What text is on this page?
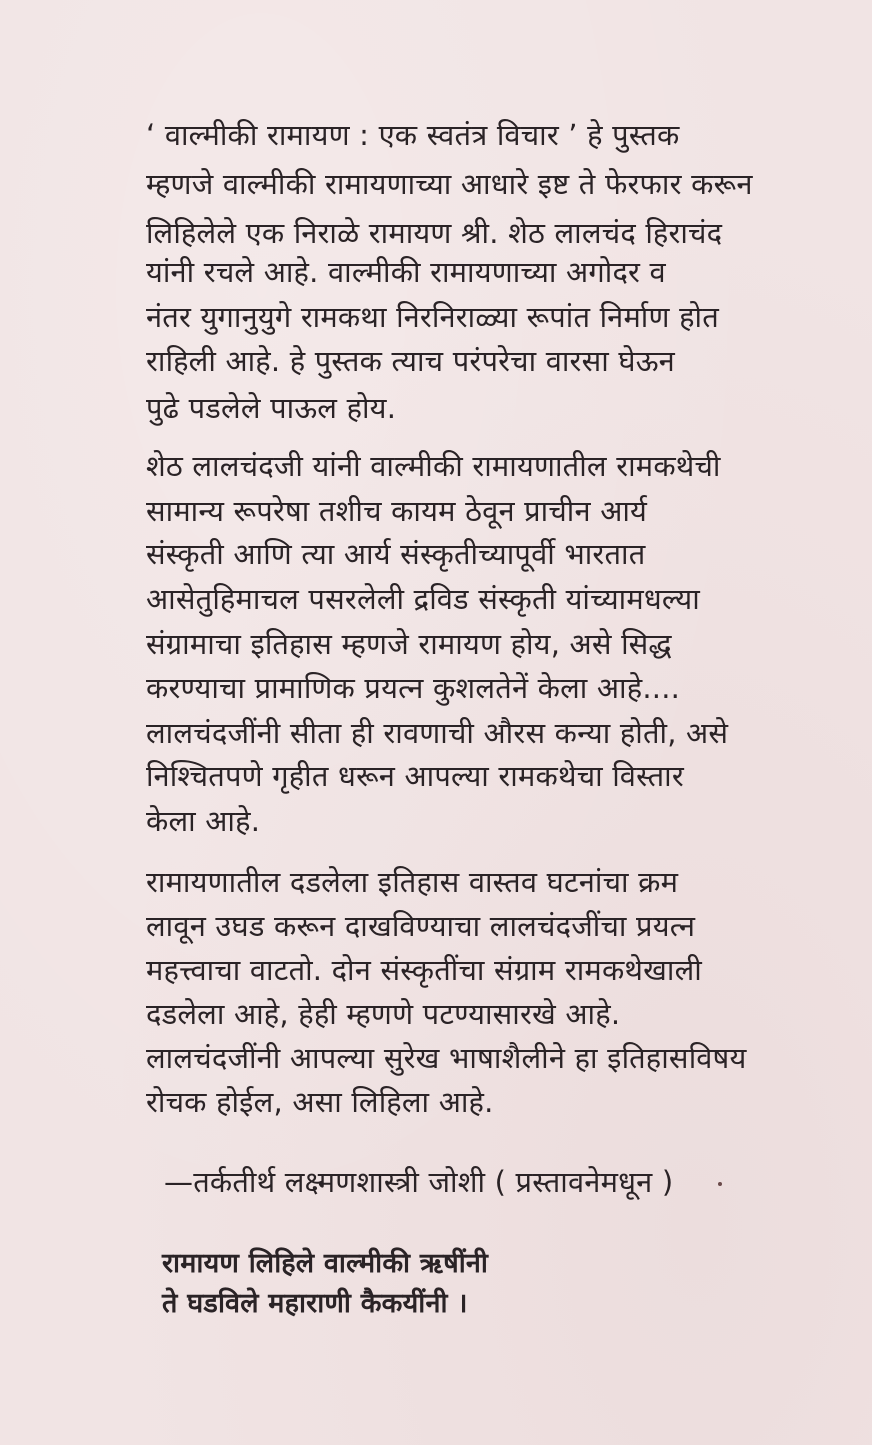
‘ वाल्मीकी रामायण : एक स्वतंत्र विचार ’ हे पुस्तक
म्हणजे वाल्मीकी रामायणाच्या आधारे इष्ट ते फेरफार करून
लिहिलेले एक निराळे रामायण श्री. शेठ लालचंद हिराचंद
यांनी रचले आहे. वाल्मीकी रामायणाच्या अगोदर व
नंतर युगानुयुगे रामकथा निरनिराळ्या रूपांत निर्माण होत
राहिली आहे. हे पुस्तक त्याच परंपरेचा वारसा घेऊन
पुढे पडलेले पाऊल होय.
शेठ लालचंदजी यांनी वाल्मीकी रामायणातील रामकथेची
सामान्य रूपरेषा तशीच कायम ठेवून प्राचीन आर्य
संस्कृती आणि त्या आर्य संस्कृतीच्यापूर्वी भारतात
आसेतुहिमाचल पसरलेली द्रविड संस्कृती यांच्यामधल्या
संग्रामाचा इतिहास म्हणजे रामायण होय, असे सिद्ध
करण्याचा प्रामाणिक प्रयत्न कुशलतेनें केला आहे....
लालचंदजींनी सीता ही रावणाची औरस कन्या होती, असे
निश्चितपणे गृहीत धरून आपल्या रामकथेचा विस्तार
केला आहे.
रामायणातील दडलेला इतिहास वास्तव घटनांचा क्रम
लावून उघड करून दाखविण्याचा लालचंदजींचा प्रयत्न
महत्त्वाचा वाटतो. दोन संस्कृतींचा संग्राम रामकथेखाली
दडलेला आहे, हेही म्हणणे पटण्यासारखे आहे.
लालचंदजींनी आपल्या सुरेख भाषाशैलीने हा इतिहासविषय
रोचक होईल, असा लिहिला आहे.
—तर्कतीर्थ लक्ष्मणशास्त्री जोशी ( प्रस्तावनेमधून )
रामायण लिहिले वाल्मीकी ऋषींनी
ते घडविले महाराणी कैकयींनी ।
